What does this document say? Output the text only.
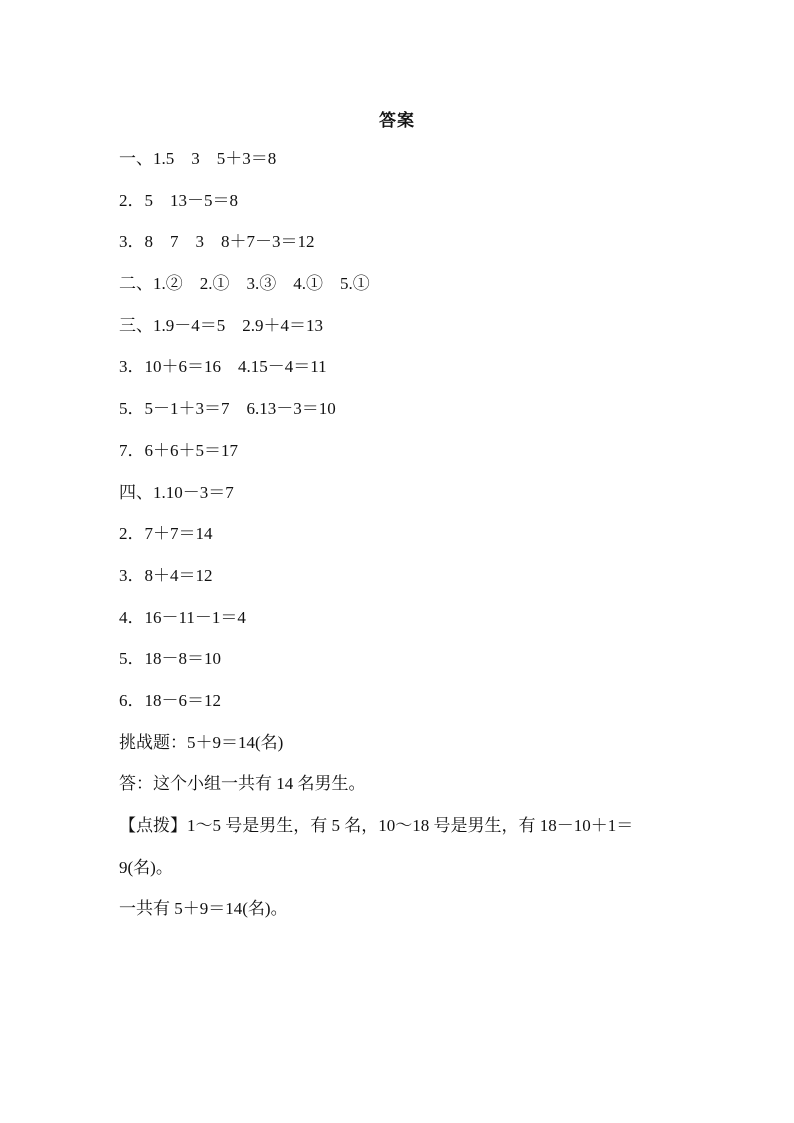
答案
一、1.5　3　5＋3＝8
2．5　13－5＝8
3．8　7　3　8＋7－3＝12
二、1.②　2.①　3.③　4.①　5.①
三、1.9－4＝5　2.9＋4＝13
3．10＋6＝16　4.15－4＝11
5．5－1＋3＝7　6.13－3＝10
7．6＋6＋5＝17
四、1.10－3＝7
2．7＋7＝14
3．8＋4＝12
4．16－11－1＝4
5．18－8＝10
6．18－6＝12
挑战题：5＋9＝14(名)
答：这个小组一共有 14 名男生。
【点拨】1～5 号是男生，有 5 名，10～18 号是男生，有 18－10＋1＝
9(名)。
一共有 5＋9＝14(名)。
